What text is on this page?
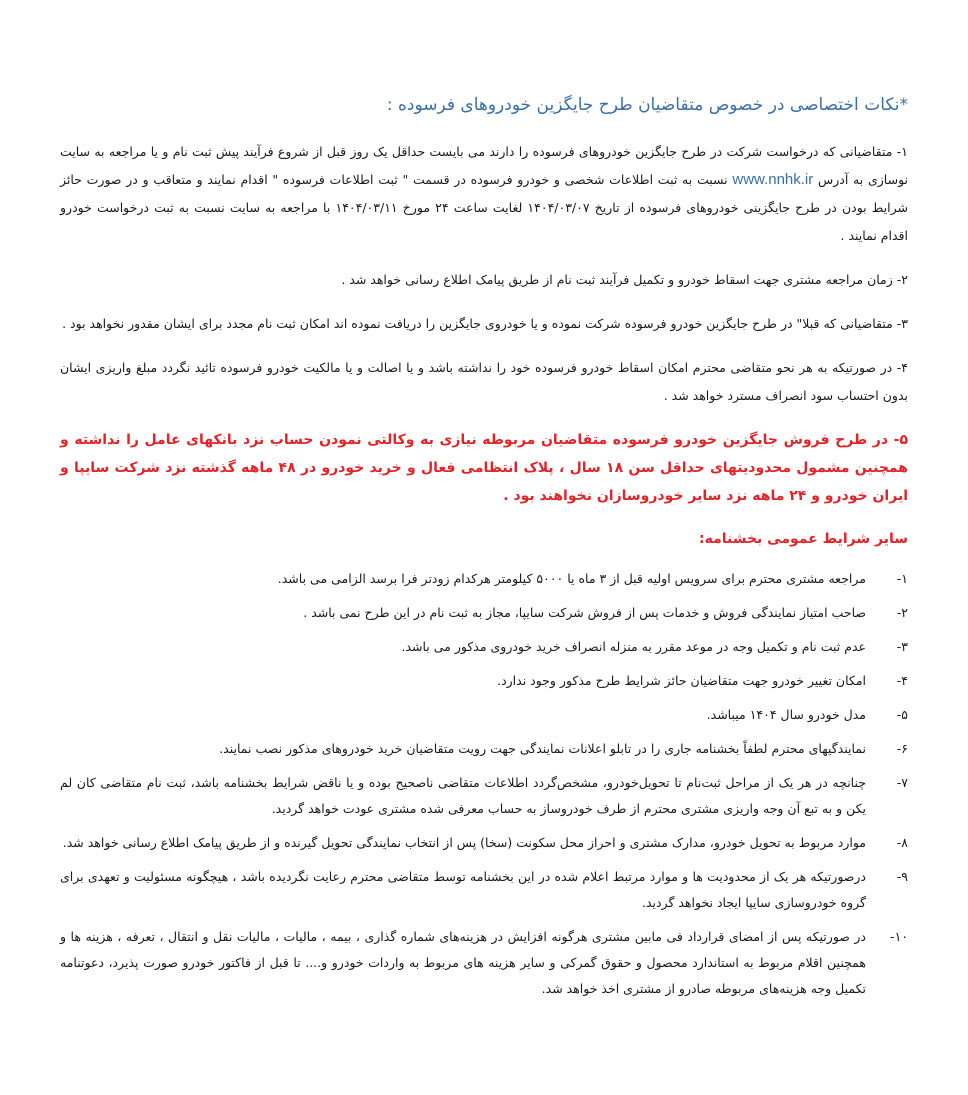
*نکات اختصاصی در خصوص متقاضیان طرح جایگزین خودروهای فرسوده :

۱- متقاضیانی که درخواست شرکت در طرح جایگزین خودروهای فرسوده را دارند می بایست حداقل یک روز قبل از شروع فرآیند پیش ثبت نام و یا مراجعه به سایت نوسازی به آدرس www.nnhk.ir نسبت به ثبت اطلاعات شخصی و خودرو فرسوده در قسمت " ثبت اطلاعات فرسوده " اقدام نمایند و متعاقب و در صورت حائز شرایط بودن در طرح جایگزینی خودروهای فرسوده از تاریخ ۱۴۰۴/۰۳/۰۷ لغایت ساعت ۲۴ مورخ ۱۴۰۴/۰۳/۱۱ با مراجعه به سایت نسبت به ثبت درخواست خودرو اقدام نمایند .

۲- زمان مراجعه مشتری جهت اسقاط خودرو و تکمیل فرآیند ثبت نام از طریق پیامک اطلاع رسانی خواهد شد .

۳- متقاضیانی که قبلا" در طرح جایگزین خودرو فرسوده شرکت نموده و یا خودروی جایگزین را دریافت نموده اند امکان ثبت نام مجدد برای ایشان مقدور نخواهد بود .

۴- در صورتیکه به هر نحو متقاضی محترم امکان اسقاط خودرو فرسوده خود را نداشته باشد و یا اصالت و یا مالکیت خودرو فرسوده تائید نگردد مبلغ واریزی ایشان بدون احتساب سود انصراف مسترد خواهد شد .

۵- در طرح فروش جایگزین خودرو فرسوده متقاضیان مربوطه نیازی به وکالتی نمودن حساب نزد بانکهای عامل را نداشته و همچنین مشمول محدودیتهای حداقل سن ۱۸ سال ، پلاک انتظامی فعال و خرید خودرو در ۴۸ ماهه گذشته نزد شرکت سایپا و ایران خودرو و ۲۴ ماهه نزد سایر خودروسازان نخواهند بود .

سایر شرایط عمومی بخشنامه:
۱-
مراجعه مشتری محترم برای سرویس اولیه قبل از ۳ ماه یا ۵۰۰۰ کیلومتر هرکدام زودتر فرا برسد الزامی می باشد.
۲-
صاحب امتیاز نمایندگی فروش و خدمات پس از فروش شرکت سایپا، مجاز به ثبت نام در این طرح نمی باشد .
۳-
عدم ثبت نام و تکمیل وجه در موعد مقرر به منزله انصراف خرید خودروی مذکور می باشد.
۴-
امکان تغییر خودرو جهت متقاضیان حائز شرایط طرح مذکور وجود ندارد.
۵-
مدل خودرو سال ۱۴۰۴ میباشد.
۶-
نمایندگیهای محترم لطفاً بخشنامه جاری را در تابلو اعلانات نمایندگی جهت رویت متقاضیان خرید خودروهای مذکور نصب نمایند.
۷-
چنانچه در هر یک از مراحل ثبت‌نام تا تحویل‌خودرو، مشخص‌گردد اطلاعات متقاضی ناصحیح بوده و یا ناقض شرایط بخشنامه باشد، ثبت نام متقاضی کان لم یکن و به تبع آن وجه واریزی مشتری محترم از طرف خودروساز به حساب معرفی شده مشتری عودت خواهد گردید.
۸-
موارد مربوط به تحویل خودرو، مدارک مشتری و احراز محل سکونت (سخا) پس از انتخاب نمایندگی تحویل گیرنده و از طریق پیامک اطلاع رسانی خواهد شد.
۹-
درصورتیکه هر یک از محدودیت ها و موارد مرتبط اعلام شده در این بخشنامه توسط متقاضی محترم رعایت نگردیده باشد ، هیچگونه مسئولیت و تعهدی برای گروه خودروسازی سایپا ایجاد نخواهد گردید.
۱۰-
در صورتیکه پس از امضای قرارداد فی مابین مشتری هرگونه افزایش در هزینه‌های شماره گذاری ، بیمه ، مالیات ، مالیات نقل و انتقال ، تعرفه ، هزینه ها و همچنین اقلام مربوط به استاندارد محصول و حقوق گمرکی و سایر هزینه های مربوط به واردات خودرو و.... تا قبل از فاکتور خودرو صورت پذیرد، دعوتنامه تکمیل وجه هزینه‌های مربوطه صادرو از مشتری اخذ خواهد شد.
